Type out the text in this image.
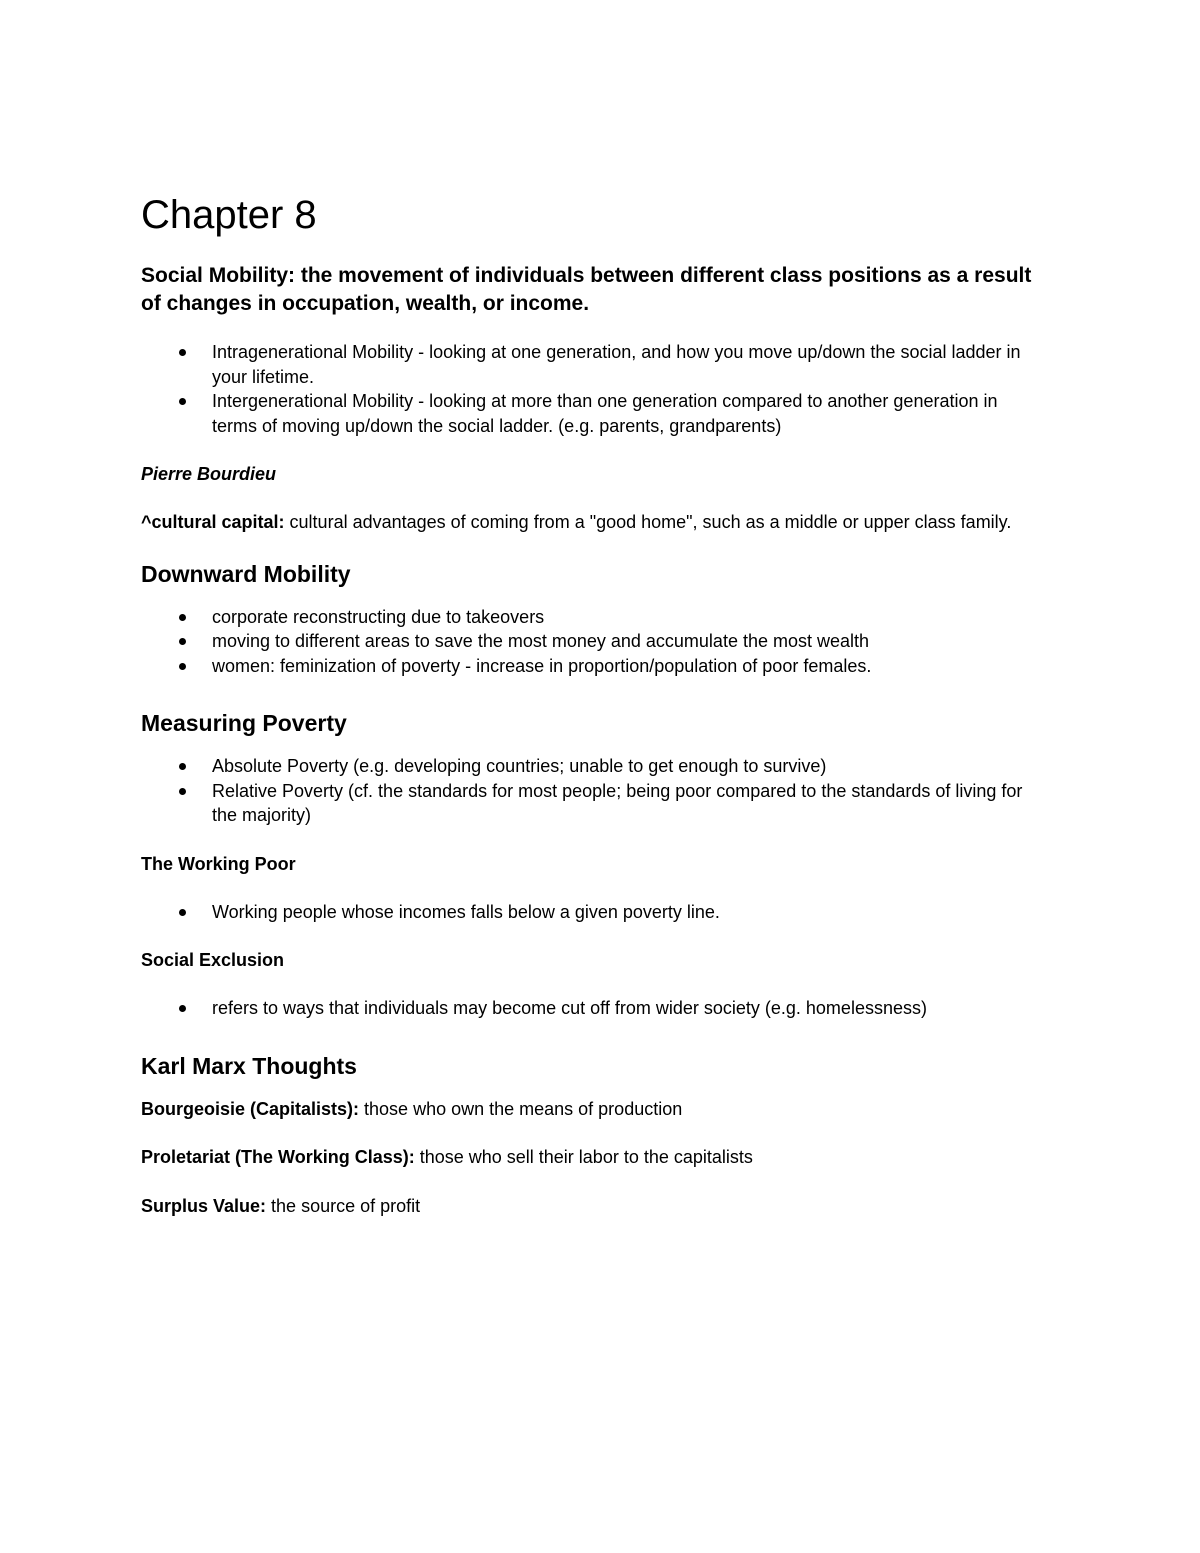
Chapter 8
Social Mobility: the movement of individuals between different class positions as a result of changes in occupation, wealth, or income.
Intragenerational Mobility - looking at one generation, and how you move up/down the social ladder in your lifetime.
Intergenerational Mobility - looking at more than one generation compared to another generation in terms of moving up/down the social ladder. (e.g. parents, grandparents)
Pierre Bourdieu
^cultural capital: cultural advantages of coming from a "good home", such as a middle or upper class family.
Downward Mobility
corporate reconstructing due to takeovers
moving to different areas to save the most money and accumulate the most wealth
women: feminization of poverty - increase in proportion/population of poor females.
Measuring Poverty
Absolute Poverty (e.g. developing countries; unable to get enough to survive)
Relative Poverty (cf. the standards for most people; being poor compared to the standards of living for the majority)
The Working Poor
Working people whose incomes falls below a given poverty line.
Social Exclusion
refers to ways that individuals may become cut off from wider society (e.g. homelessness)
Karl Marx Thoughts
Bourgeoisie (Capitalists): those who own the means of production
Proletariat (The Working Class): those who sell their labor to the capitalists
Surplus Value: the source of profit
